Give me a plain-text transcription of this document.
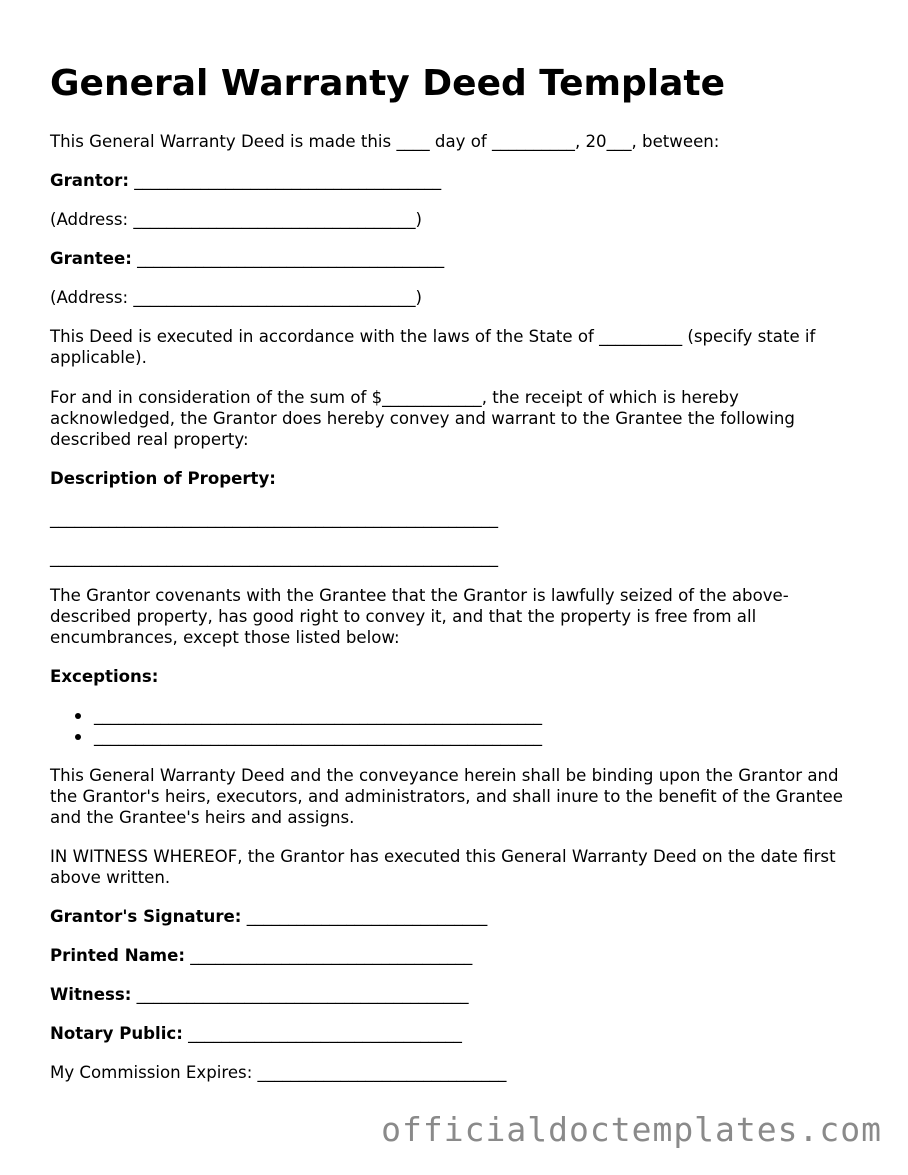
General Warranty Deed Template

This General Warranty Deed is made this ____ day of __________, 20___, between:

Grantor: _____________________________________

(Address: __________________________________)

Grantee: _____________________________________

(Address: __________________________________)

This Deed is executed in accordance with the laws of the State of __________ (specify state if applicable).

For and in consideration of the sum of $____________, the receipt of which is hereby acknowledged, the Grantor does hereby convey and warrant to the Grantee the following described real property:

Description of Property:

______________________________________________________

______________________________________________________

The Grantor covenants with the Grantee that the Grantor is lawfully seized of the above-described property, has good right to convey it, and that the property is free from all encumbrances, except those listed below:

Exceptions:

______________________________________________________
______________________________________________________

This General Warranty Deed and the conveyance herein shall be binding upon the Grantor and the Grantor's heirs, executors, and administrators, and shall inure to the benefit of the Grantee and the Grantee's heirs and assigns.

IN WITNESS WHEREOF, the Grantor has executed this General Warranty Deed on the date first above written.

Grantor's Signature: _____________________________

Printed Name: __________________________________

Witness: ________________________________________

Notary Public: _________________________________

My Commission Expires: ______________________________

officialdoctemplates.com
